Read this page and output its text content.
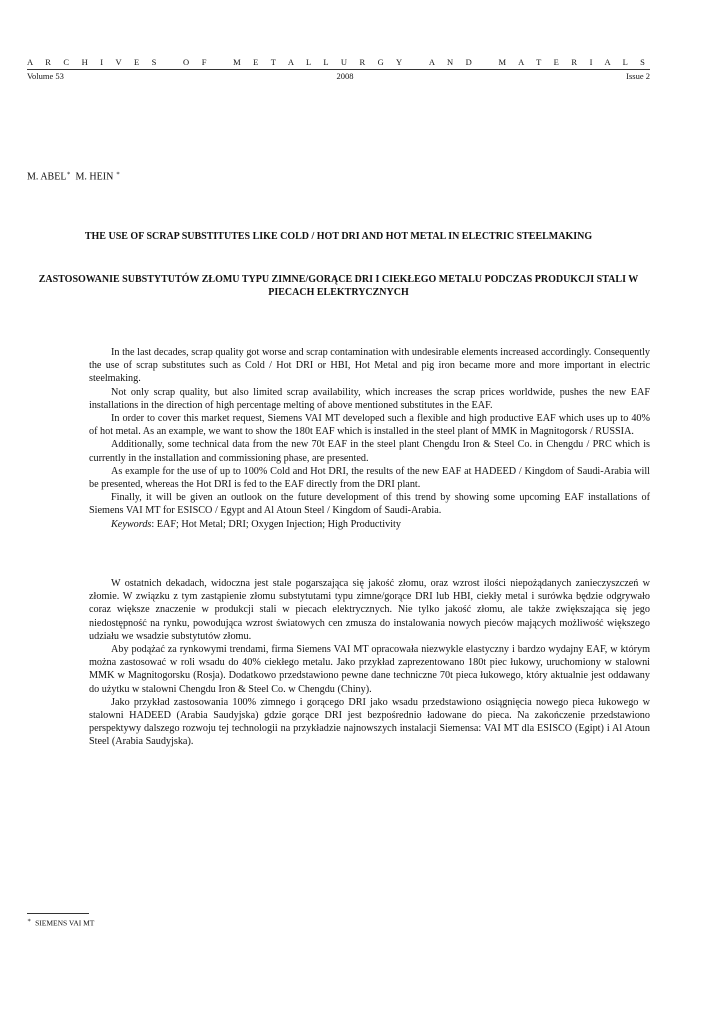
A R C H I V E S	O F	M E T A L L U R G Y	A N D	M A T E R I A L S
Volume 53	2008	Issue 2
M. ABEL∗ M. HEIN ∗
THE USE OF SCRAP SUBSTITUTES LIKE COLD / HOT DRI AND HOT METAL IN ELECTRIC STEELMAKING
ZASTOSOWANIE SUBSTYTUTÓW ZŁOMU TYPU ZIMNE/GORĄCE DRI I CIEKŁEGO METALU PODCZAS PRODUKCJI STALI W PIECACH ELEKTRYCZNYCH

In the last decades, scrap quality got worse and scrap contamination with undesirable elements increased accordingly. Consequently the use of scrap substitutes such as Cold / Hot DRI or HBI, Hot Metal and pig iron became more and more important in electric steelmaking.

Not only scrap quality, but also limited scrap availability, which increases the scrap prices worldwide, pushes the new EAF installations in the direction of high percentage melting of above mentioned substitutes in the EAF.

In order to cover this market request, Siemens VAI MT developed such a flexible and high productive EAF which uses up to 40% of hot metal. As an example, we want to show the 180t EAF which is installed in the steel plant of MMK in Magnitogorsk / RUSSIA.

Additionally, some technical data from the new 70t EAF in the steel plant Chengdu Iron & Steel Co. in Chengdu / PRC which is currently in the installation and commissioning phase, are presented.

As example for the use of up to 100% Cold and Hot DRI, the results of the new EAF at HADEED / Kingdom of Saudi-Arabia will be presented, whereas the Hot DRI is fed to the EAF directly from the DRI plant.

Finally, it will be given an outlook on the future development of this trend by showing some upcoming EAF installations of Siemens VAI MT for ESISCO / Egypt and Al Atoun Steel / Kingdom of Saudi-Arabia.

Keywords: EAF; Hot Metal; DRI; Oxygen Injection; High Productivity

W ostatnich dekadach, widoczna jest stale pogarszająca się jakość złomu, oraz wzrost ilości niepożądanych zanieczyszczeń w złomie. W związku z tym zastąpienie złomu substytutami typu zimne/gorące DRI lub HBI, ciekły metal i surówka będzie odgrywało coraz większe znaczenie w produkcji stali w piecach elektrycznych. Nie tylko jakość złomu, ale także zwiększająca się jego niedostępność na rynku, powodująca wzrost światowych cen zmusza do instalowania nowych pieców mających możliwość większego udziału we wsadzie substytutów złomu.

Aby podążać za rynkowymi trendami, firma Siemens VAI MT opracowała niezwykle elastyczny i bardzo wydajny EAF, w którym można zastosować w roli wsadu do 40% ciekłego metalu. Jako przykład zaprezentowano 180t piec łukowy, uruchomiony w stalowni MMK w Magnitogorsku (Rosja). Dodatkowo przedstawiono pewne dane techniczne 70t pieca łukowego, który aktualnie jest oddawany do użytku w stalowni Chengdu Iron & Steel Co. w Chengdu (Chiny).

Jako przykład zastosowania 100% zimnego i gorącego DRI jako wsadu przedstawiono osiągnięcia nowego pieca łukowego w stalowni HADEED (Arabia Saudyjska) gdzie gorące DRI jest bezpośrednio ładowane do pieca. Na zakończenie przedstawiono perspektywy dalszego rozwoju tej technologii na przykładzie najnowszych instalacji Siemensa: VAI MT dla ESISCO (Egipt) i Al Atoun Steel (Arabia Saudyjska).

∗ SIEMENS VAI MT
